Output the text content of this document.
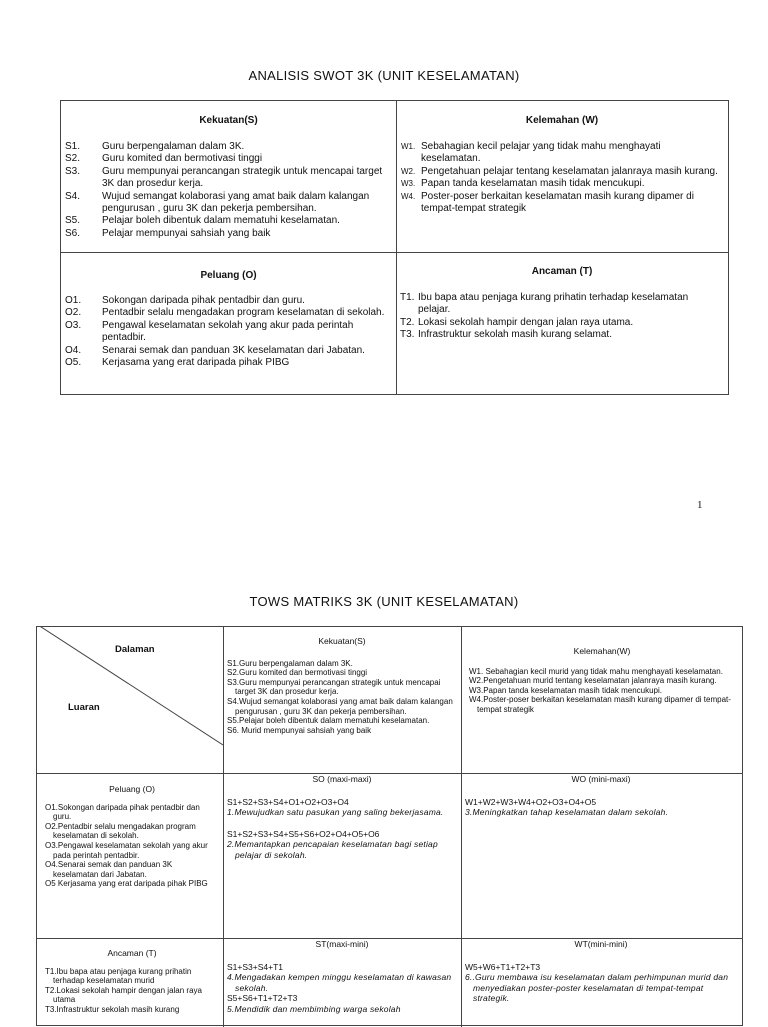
ANALISIS SWOT 3K (UNIT KESELAMATAN)
Kekuatan(S)
S1. Guru berpengalaman dalam 3K.
S2. Guru komited dan bermotivasi tinggi
S3. Guru mempunyai perancangan strategik untuk mencapai target 3K dan prosedur kerja.
S4. Wujud semangat kolaborasi yang amat baik dalam kalangan pengurusan , guru 3K dan pekerja pembersihan.
S5. Pelajar boleh dibentuk dalam mematuhi keselamatan.
S6. Pelajar mempunyai sahsiah yang baik
Kelemahan (W)
W1. Sebahagian kecil pelajar yang tidak mahu menghayati keselamatan.
W2. Pengetahuan pelajar tentang keselamatan jalanraya masih kurang.
W3. Papan tanda keselamatan masih tidak mencukupi.
W4. Poster-poser berkaitan keselamatan masih kurang dipamer di tempat-tempat strategik
Peluang (O)
O1. Sokongan daripada pihak pentadbir dan guru.
O2. Pentadbir selalu mengadakan program keselamatan di sekolah.
O3. Pengawal keselamatan sekolah yang akur pada perintah pentadbir.
O4. Senarai semak dan panduan 3K keselamatan dari Jabatan.
O5. Kerjasama yang erat daripada pihak PIBG
Ancaman (T)
T1. Ibu bapa atau penjaga kurang prihatin terhadap keselamatan pelajar.
T2. Lokasi sekolah hampir dengan jalan raya utama.
T3. Infrastruktur sekolah masih kurang selamat.
1
TOWS MATRIKS 3K (UNIT KESELAMATAN)
Dalaman
Luaran
Kekuatan(S)
S1.Guru berpengalaman dalam 3K.
S2.Guru komited dan bermotivasi tinggi
S3.Guru mempunyai perancangan strategik untuk mencapai target 3K dan prosedur kerja.
S4.Wujud semangat kolaborasi yang amat baik dalam kalangan pengurusan , guru 3K dan pekerja pembersihan.
S5.Pelajar boleh dibentuk dalam mematuhi keselamatan.
S6. Murid mempunyai sahsiah yang baik
Kelemahan(W)
W1. Sebahagian kecil murid yang tidak mahu menghayati keselamatan.
W2.Pengetahuan murid tentang keselamatan jalanraya masih kurang.
W3.Papan tanda keselamatan masih tidak mencukupi.
W4.Poster-poser berkaitan keselamatan masih kurang dipamer di tempat-tempat strategik
Peluang (O)
O1.Sokongan daripada pihak pentadbir dan guru.
O2.Pentadbir selalu mengadakan program keselamatan di sekolah.
O3.Pengawal keselamatan sekolah yang akur pada perintah pentadbir.
O4.Senarai semak dan panduan 3K keselamatan dari Jabatan.
O5 Kerjasama yang erat daripada pihak PIBG
SO (maxi-maxi)
S1+S2+S3+S4+O1+O2+O3+O4
1.Mewujudkan satu pasukan yang saling bekerjasama.
S1+S2+S3+S4+S5+S6+O2+O4+O5+O6
2.Memantapkan pencapaian keselamatan bagi setiap pelajar di sekolah.
WO (mini-maxi)
W1+W2+W3+W4+O2+O3+O4+O5
3.Meningkatkan tahap keselamatan dalam sekolah.
Ancaman (T)
T1.Ibu bapa atau penjaga kurang prihatin terhadap keselamatan murid
T2.Lokasi sekolah hampir dengan jalan raya utama
T3.Infrastruktur sekolah masih kurang
ST(maxi-mini)
S1+S3+S4+T1
4.Mengadakan kempen minggu keselamatan di kawasan sekolah.
S5+S6+T1+T2+T3
5.Mendidik dan membimbing warga sekolah
WT(mini-mini)
W5+W6+T1+T2+T3
6..Guru membawa isu keselamatan dalam perhimpunan murid dan menyediakan poster-poster keselamatan di tempat-tempat strategik.
